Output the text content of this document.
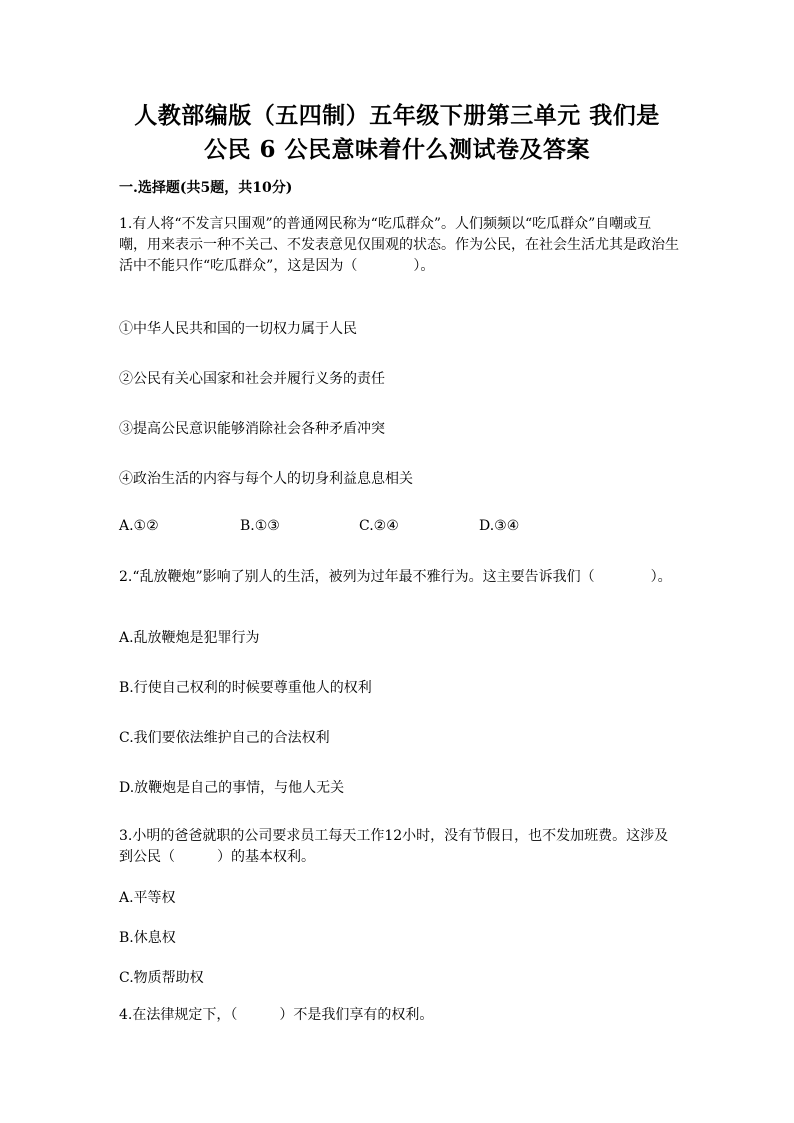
人教部编版（五四制）五年级下册第三单元 我们是
公民 6 公民意味着什么测试卷及答案
一.选择题(共5题，共10分)
1.有人将“不发言只围观”的普通网民称为“吃瓜群众”。人们频频以“吃瓜群众”自嘲或互嘲，用来表示一种不关己、不发表意见仅围观的状态。作为公民，在社会生活尤其是政治生活中不能只作“吃瓜群众”，这是因为（　　　　）。
①中华人民共和国的一切权力属于人民
②公民有关心国家和社会并履行义务的责任
③提高公民意识能够消除社会各种矛盾冲突
④政治生活的内容与每个人的切身利益息息相关
A.①②	B.①③	C.②④	D.③④
2.“乱放鞭炮”影响了别人的生活，被列为过年最不雅行为。这主要告诉我们（　　　　）。
A.乱放鞭炮是犯罪行为
B.行使自己权利的时候要尊重他人的权利
C.我们要依法维护自己的合法权利
D.放鞭炮是自己的事情，与他人无关
3.小明的爸爸就职的公司要求员工每天工作12小时，没有节假日，也不发加班费。这涉及到公民（　　　）的基本权利。
A.平等权
B.休息权
C.物质帮助权
4.在法律规定下，（　　　）不是我们享有的权利。
